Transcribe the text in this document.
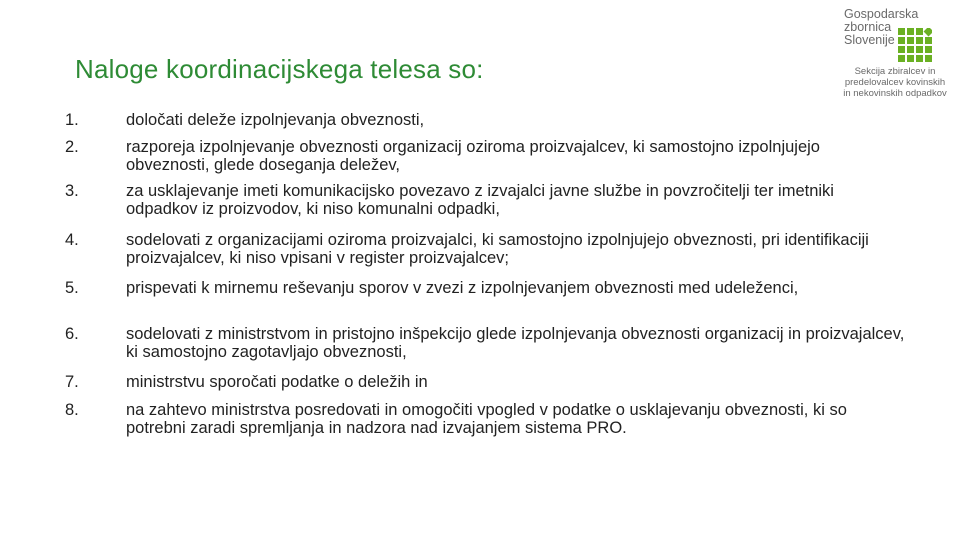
Naloge koordinacijskega telesa so:
Gospodarska
zbornica
Slovenije
Sekcija zbiralcev in
predelovalcev kovinskih
in nekovinskih odpadkov
1.	določati deleže izpolnjevanja obveznosti,
2.	razporeja izpolnjevanje obveznosti organizacij oziroma proizvajalcev, ki samostojno izpolnjujejo obveznosti, glede doseganja deležev,
3.	za usklajevanje imeti komunikacijsko povezavo z izvajalci javne službe in povzročitelji ter imetniki odpadkov iz proizvodov, ki niso komunalni odpadki,
4.	sodelovati z organizacijami oziroma proizvajalci, ki samostojno izpolnjujejo obveznosti, pri identifikaciji proizvajalcev, ki niso vpisani v register proizvajalcev;
5.	prispevati k mirnemu reševanju sporov v zvezi z izpolnjevanjem obveznosti med udeleženci,
6.	sodelovati z ministrstvom in pristojno inšpekcijo glede izpolnjevanja obveznosti organizacij in proizvajalcev, ki samostojno zagotavljajo obveznosti,
7.	ministrstvu sporočati podatke o deležih in
8.	na zahtevo ministrstva posredovati in omogočiti vpogled v podatke o usklajevanju obveznosti, ki so potrebni zaradi spremljanja in nadzora nad izvajanjem sistema PRO.
